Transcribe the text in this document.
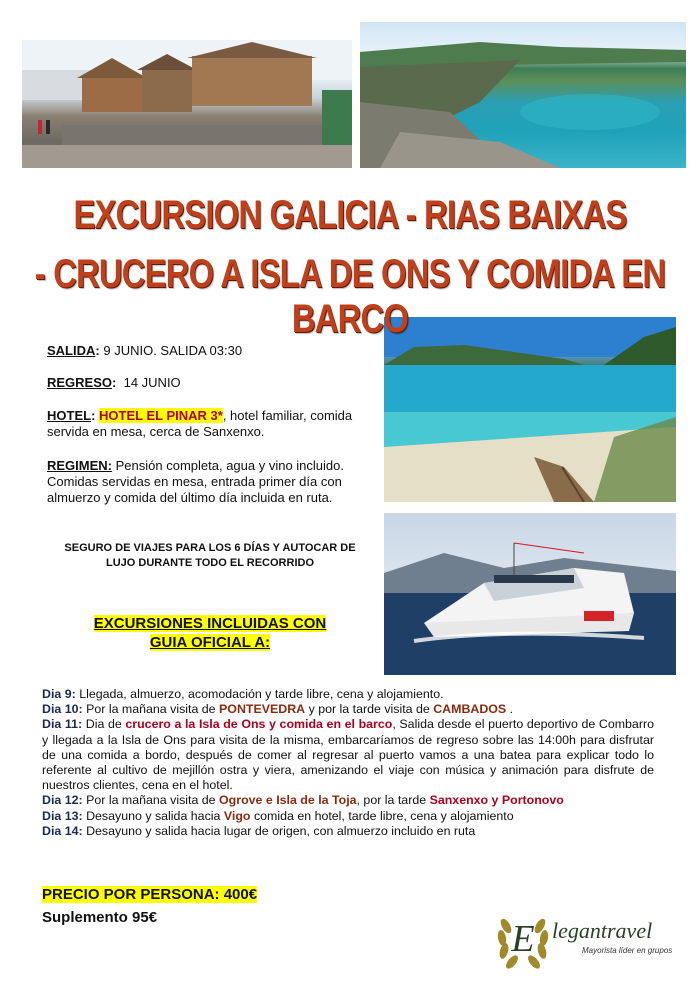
EXCURSION GALICIA - RIAS BAIXAS
- CRUCERO A ISLA DE ONS Y COMIDA EN BARCO
SALIDA: 9 JUNIO. SALIDA 03:30
REGRESO: 14 JUNIO
HOTEL: HOTEL EL PINAR 3*, hotel familiar, comida servida en mesa, cerca de Sanxenxo.
REGIMEN: Pensión completa, agua y vino incluido. Comidas servidas en mesa, entrada primer día con almuerzo y comida del último día incluida en ruta.
SEGURO DE VIAJES PARA LOS 6 DÍAS Y AUTOCAR DE LUJO DURANTE TODO EL RECORRIDO
EXCURSIONES INCLUIDAS CON
GUIA OFICIAL A:

Dia 9: Llegada, almuerzo, acomodación y tarde libre, cena y alojamiento.

Dia 10: Por la mañana visita de PONTEVEDRA y por la tarde visita de CAMBADOS .

Dia 11: Dia de crucero a la Isla de Ons y comida en el barco, Salida desde el puerto deportivo de Combarro y llegada a la Isla de Ons para visita de la misma, embarcaríamos de regreso sobre las 14:00h para disfrutar de una comida a bordo, después de comer al regresar al puerto vamos a una batea para explicar todo lo referente al cultivo de mejillón ostra y viera, amenizando el viaje con música y animación para disfrute de nuestros clientes, cena en el hotel.

Dia 12: Por la mañana visita de Ogrove e Isla de la Toja, por la tarde Sanxenxo y Portonovo

Dia 13: Desayuno y salida hacia Vigo comida en hotel, tarde libre, cena y alojamiento

Dia 14: Desayuno y salida hacia lugar de origen, con almuerzo incluido en ruta

PRECIO POR PERSONA: 400€
Suplemento 95€
E legantravel
Mayorista líder en grupos
